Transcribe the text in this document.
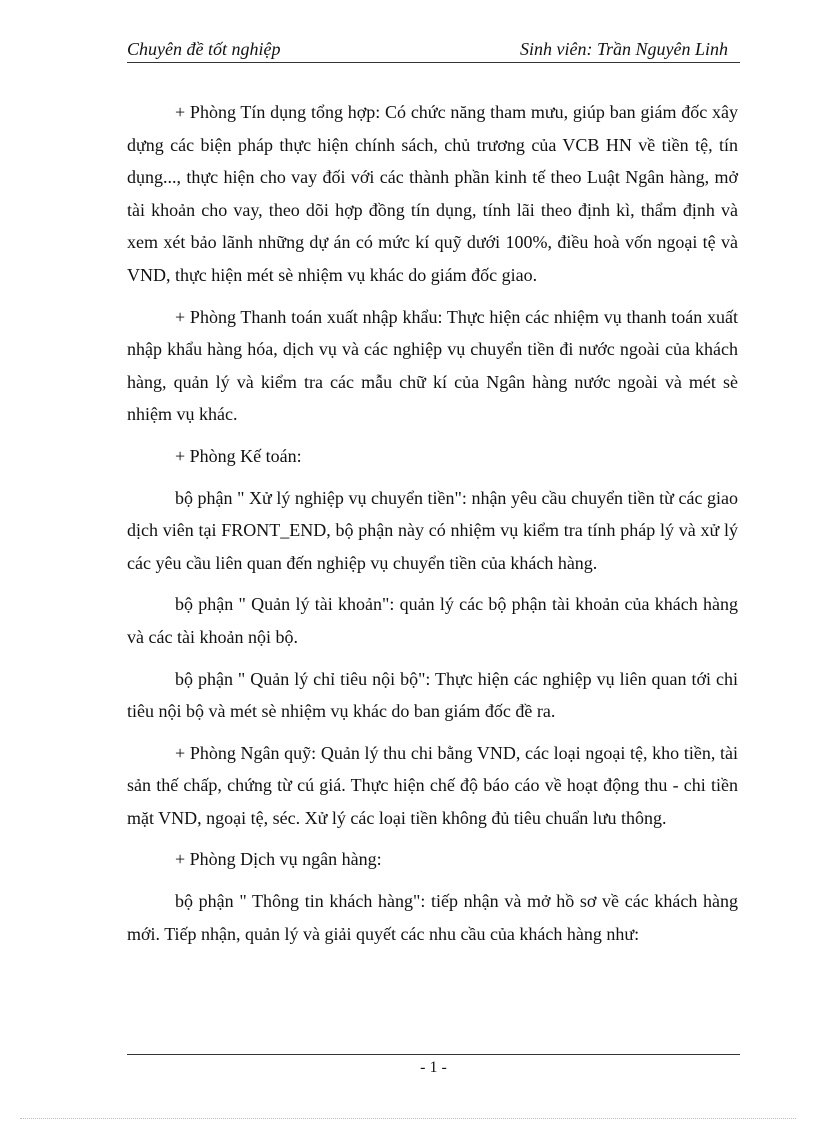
Chuyên đề tốt nghiệp	Sinh viên: Trần Nguyên Linh

+ Phòng Tín dụng tổng hợp: Có chức năng tham mưu, giúp ban giám đốc xây dựng các biện pháp thực hiện chính sách, chủ trương của VCB HN về tiền tệ, tín dụng..., thực hiện cho vay đối với các thành phần kinh tế theo Luật Ngân hàng, mở tài khoản cho vay, theo dõi hợp đồng tín dụng, tính lãi theo định kì, thẩm định và xem xét bảo lãnh những dự án có mức kí quỹ dưới 100%, điều hoà vốn ngoại tệ và VND, thực hiện mét sè nhiệm vụ khác do giám đốc giao.

+ Phòng Thanh toán xuất nhập khẩu: Thực hiện các nhiệm vụ thanh toán xuất nhập khẩu hàng hóa, dịch vụ và các nghiệp vụ chuyển tiền đi nước ngoài của khách hàng, quản lý và kiểm tra các mẫu chữ kí của Ngân hàng nước ngoài và mét sè nhiệm vụ khác.

+ Phòng Kế toán:

bộ phận " Xử lý nghiệp vụ chuyển tiền": nhận yêu cầu chuyển tiền từ các giao dịch viên tại FRONT_END, bộ phận này có nhiệm vụ kiểm tra tính pháp lý và xử lý các yêu cầu liên quan đến nghiệp vụ chuyển tiền của khách hàng.

bộ phận " Quản lý tài khoản": quản lý các bộ phận tài khoản của khách hàng và các tài khoản nội bộ.

bộ phận " Quản lý chỉ tiêu nội bộ": Thực hiện các nghiệp vụ liên quan tới chi tiêu nội bộ và mét sè nhiệm vụ khác do ban giám đốc đề ra.

+ Phòng Ngân quỹ: Quản lý thu chi bằng VND, các loại ngoại tệ, kho tiền, tài sản thế chấp, chứng từ cú giá. Thực hiện chế độ báo cáo về hoạt động thu - chi tiền mặt VND, ngoại tệ, séc. Xử lý các loại tiền không đủ tiêu chuẩn lưu thông.

+ Phòng Dịch vụ ngân hàng:

bộ phận " Thông tin khách hàng": tiếp nhận và mở hồ sơ về các khách hàng mới. Tiếp nhận, quản lý và giải quyết các nhu cầu của khách hàng như:

- 1 -
